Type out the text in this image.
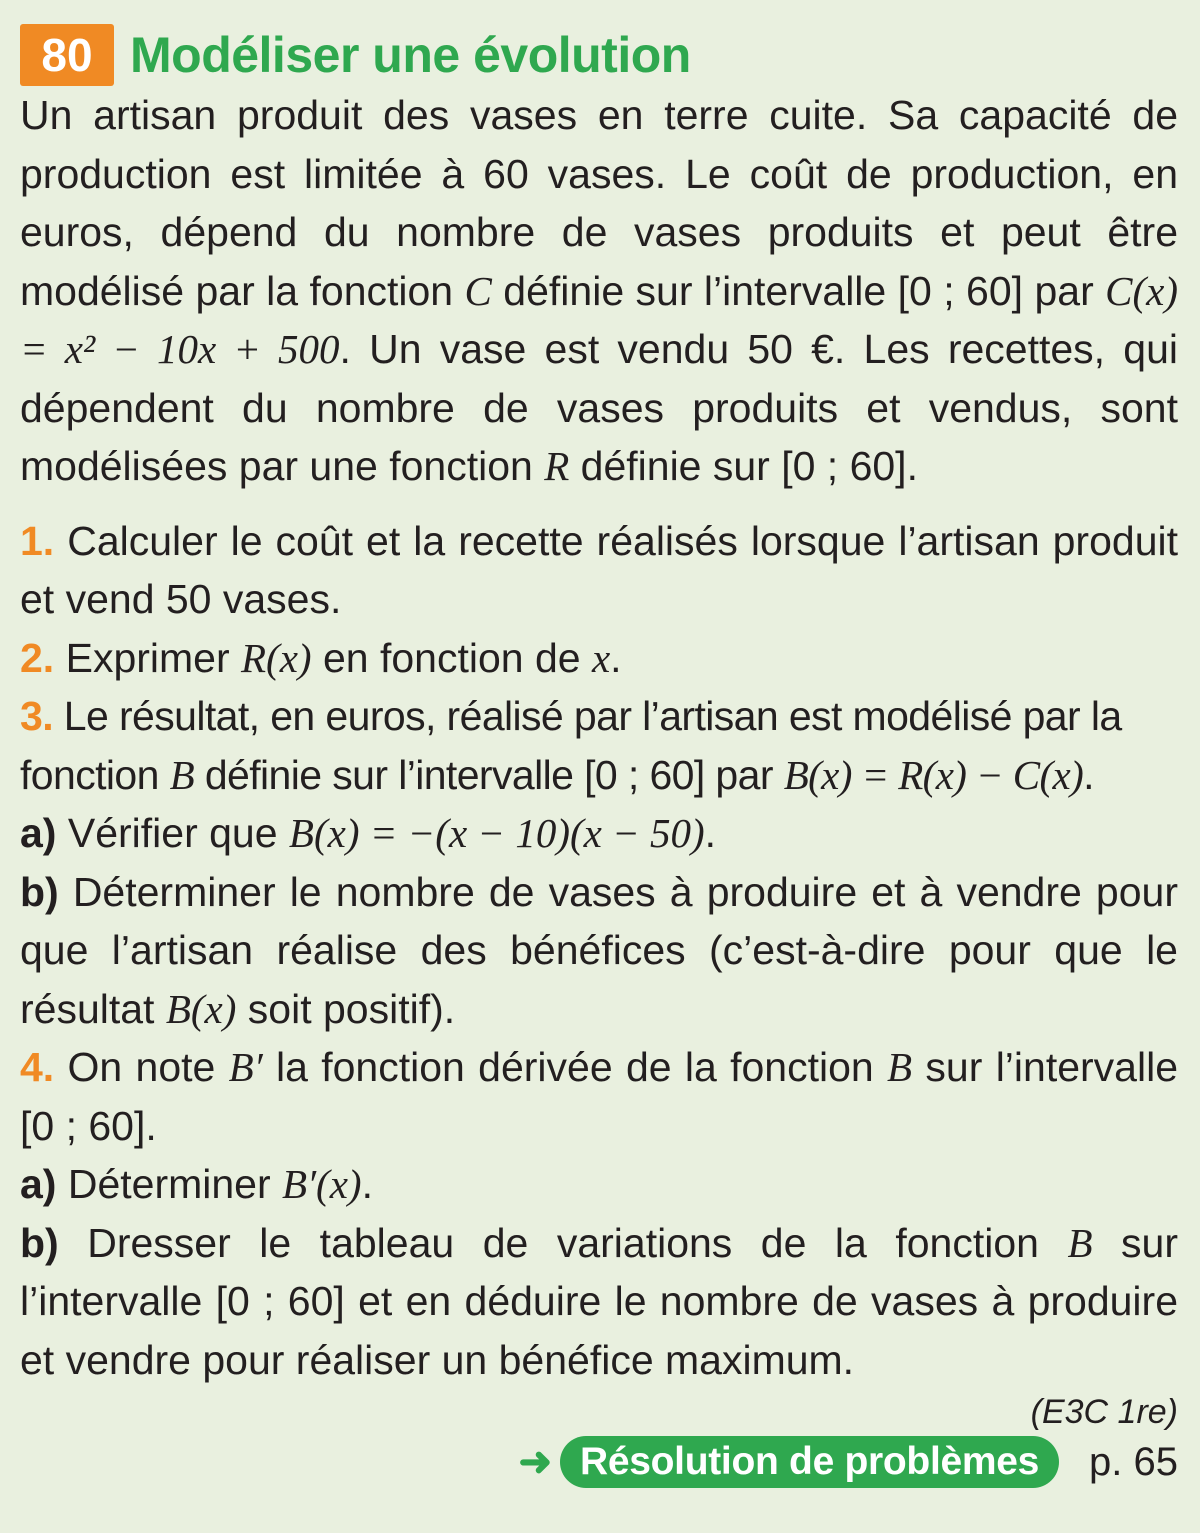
80 Modéliser une évolution
Un artisan produit des vases en terre cuite. Sa capacité de production est limitée à 60 vases. Le coût de production, en euros, dépend du nombre de vases produits et peut être modélisé par la fonction C définie sur l’intervalle [0 ; 60] par C(x) = x² − 10x + 500. Un vase est vendu 50 €. Les recettes, qui dépendent du nombre de vases produits et vendus, sont modélisées par une fonction R définie sur [0 ; 60].

1. Calculer le coût et la recette réalisés lorsque l’artisan produit et vend 50 vases.

2. Exprimer R(x) en fonction de x.

3. Le résultat, en euros, réalisé par l’artisan est modélisé par la fonction B définie sur l’intervalle [0 ; 60] par B(x) = R(x) − C(x).

a) Vérifier que B(x) = −(x − 10)(x − 50).

b) Déterminer le nombre de vases à produire et à vendre pour que l’artisan réalise des bénéfices (c’est-à-dire pour que le résultat B(x) soit positif).

4. On note B′ la fonction dérivée de la fonction B sur l’intervalle [0 ; 60].

a) Déterminer B′(x).

b) Dresser le tableau de variations de la fonction B sur l’intervalle [0 ; 60] et en déduire le nombre de vases à produire et vendre pour réaliser un bénéfice maximum.

(E3C 1re)
➜ Résolution de problèmes	p. 65
